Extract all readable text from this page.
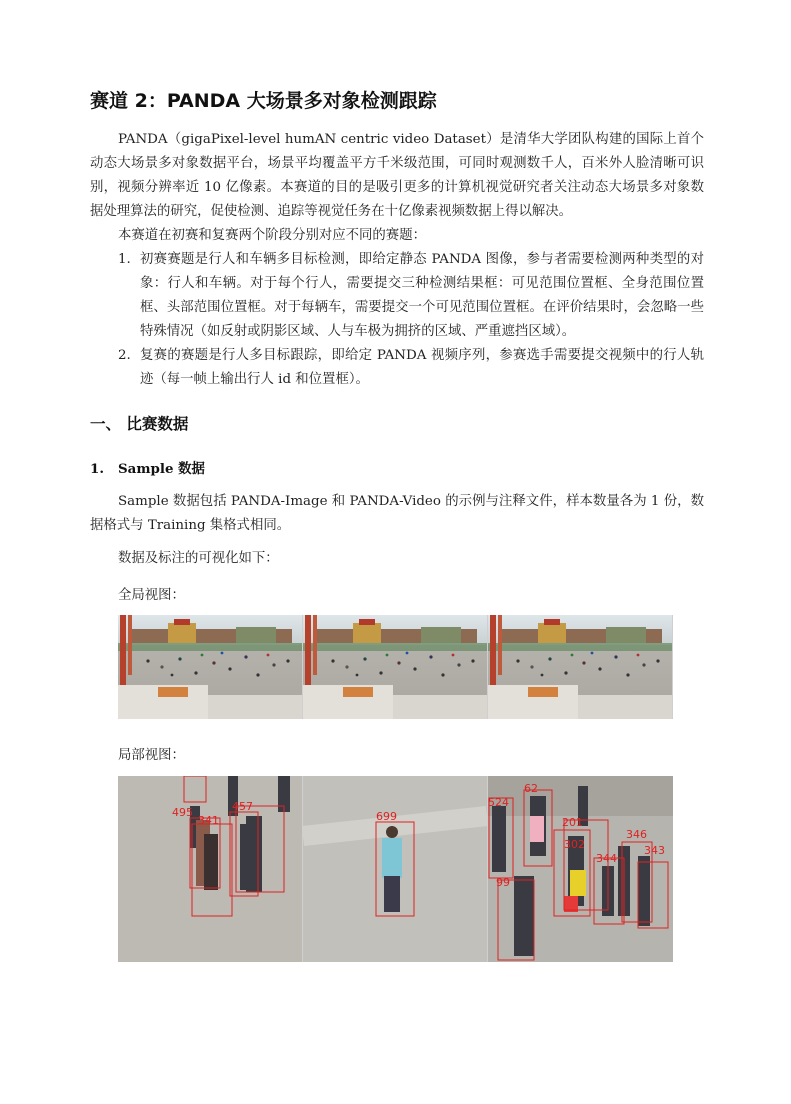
赛道 2：PANDA 大场景多对象检测跟踪

PANDA（gigaPixel-level humAN centric video Dataset）是清华大学团队构建的国际上首个动态大场景多对象数据平台，场景平均覆盖平方千米级范围，可同时观测数千人，百米外人脸清晰可识别，视频分辨率近 10 亿像素。本赛道的目的是吸引更多的计算机视觉研究者关注动态大场景多对象数据处理算法的研究，促使检测、追踪等视觉任务在十亿像素视频数据上得以解决。

本赛道在初赛和复赛两个阶段分别对应不同的赛题：

1. 初赛赛题是行人和车辆多目标检测，即给定静态 PANDA 图像，参与者需要检测两种类型的对象：行人和车辆。对于每个行人，需要提交三种检测结果框：可见范围位置框、全身范围位置框、头部范围位置框。对于每辆车，需要提交一个可见范围位置框。在评价结果时，会忽略一些特殊情况（如反射或阴影区域、人与车极为拥挤的区域、严重遮挡区域）。
2. 复赛的赛题是行人多目标跟踪，即给定 PANDA 视频序列，参赛选手需要提交视频中的行人轨迹（每一帧上输出行人 id 和位置框）。
一、 比赛数据
1. Sample 数据

Sample 数据包括 PANDA-Image 和 PANDA-Video 的示例与注释文件，样本数量各为 1 份，数据格式与 Training 集格式相同。

数据及标注的可视化如下：
全局视图：
局部视图：
495
341
457
699
524
62
201
302
346
344
343
99
